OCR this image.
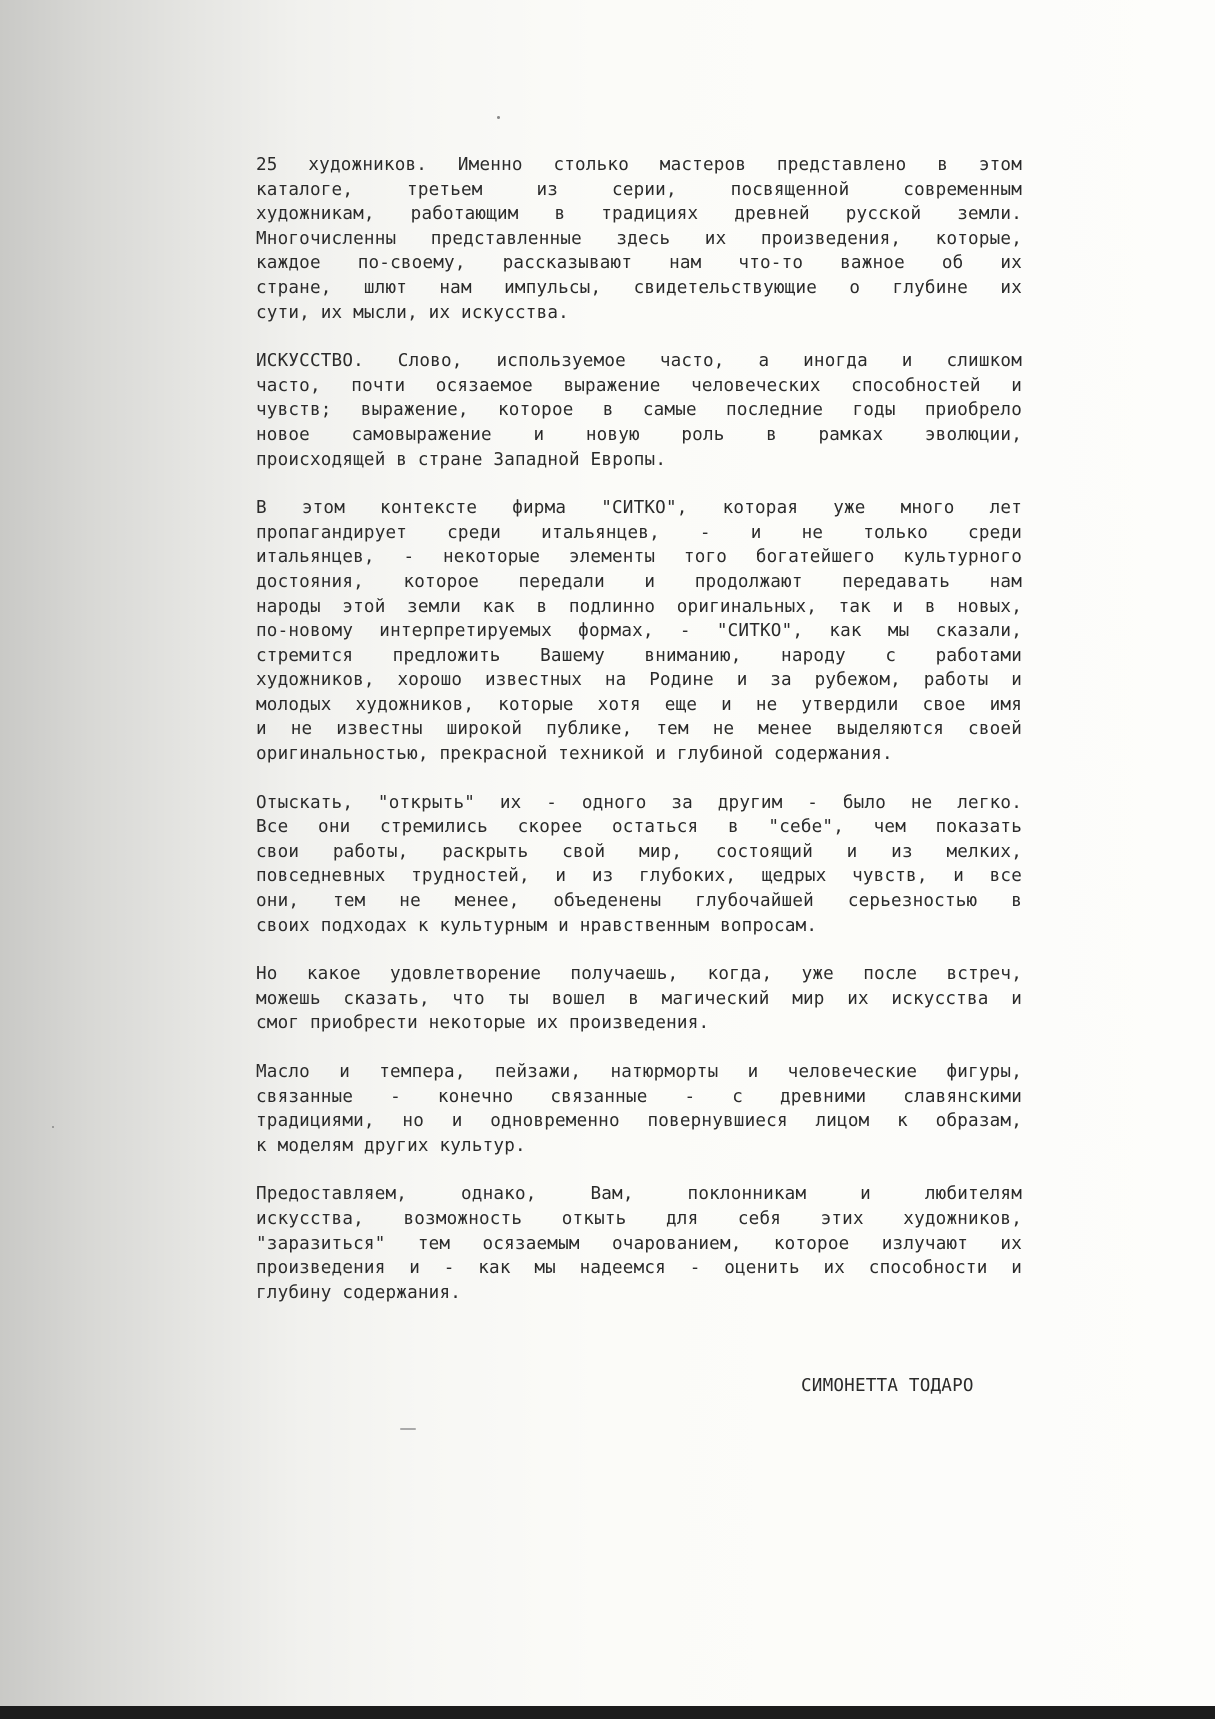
25 художников. Именно столько мастеров представлено в этом
каталоге, третьем из серии, посвященной современным
художникам, работающим в традициях древней русской земли.
Многочисленны представленные здесь их произведения, которые,
каждое по-своему, рассказывают нам что-то важное об их
стране, шлют нам импульсы, свидетельствующие о глубине их
сути, их мысли, их искусства.
ИСКУССТВО. Слово, используемое часто, а иногда и слишком
часто, почти осязаемое выражение человеческих способностей и
чувств; выражение, которое в самые последние годы приобрело
новое самовыражение и новую роль в рамках эволюции,
происходящей в стране Западной Европы.
В этом контексте фирма "СИТКО", которая уже много лет
пропагандирует среди итальянцев, - и не только среди
итальянцев, - некоторые элементы того богатейшего культурного
достояния, которое передали и продолжают передавать нам
народы этой земли как в подлинно оригинальных, так и в новых,
по-новому интерпретируемых формах, - "СИТКО", как мы сказали,
стремится предложить Вашему вниманию, народу с работами
художников, хорошо известных на Родине и за рубежом, работы и
молодых художников, которые хотя еще и не утвердили свое имя
и не известны широкой публике, тем не менее выделяются своей
оригинальностью, прекрасной техникой и глубиной содержания.
Отыскать, "открыть" их - одного за другим - было не легко.
Все они стремились скорее остаться в "себе", чем показать
свои работы, раскрыть свой мир, состоящий и из мелких,
повседневных трудностей, и из глубоких, щедрых чувств, и все
они, тем не менее, объеденены глубочайшей серьезностью в
своих подходах к культурным и нравственным вопросам.
Но какое удовлетворение получаешь, когда, уже после встреч,
можешь сказать, что ты вошел в магический мир их искусства и
смог приобрести некоторые их произведения.
Масло и темпера, пейзажи, натюрморты и человеческие фигуры,
связанные - конечно связанные - с древними славянскими
традициями, но и одновременно повернувшиеся лицом к образам,
к моделям других культур.
Предоставляем, однако, Вам, поклонникам и любителям
искусства, возможность откыть для себя этих художников,
"заразиться" тем осязаемым очарованием, которое излучают их
произведения и - как мы надеемся - оценить их способности и
глубину содержания.
СИМОНЕТТА ТОДАРО
